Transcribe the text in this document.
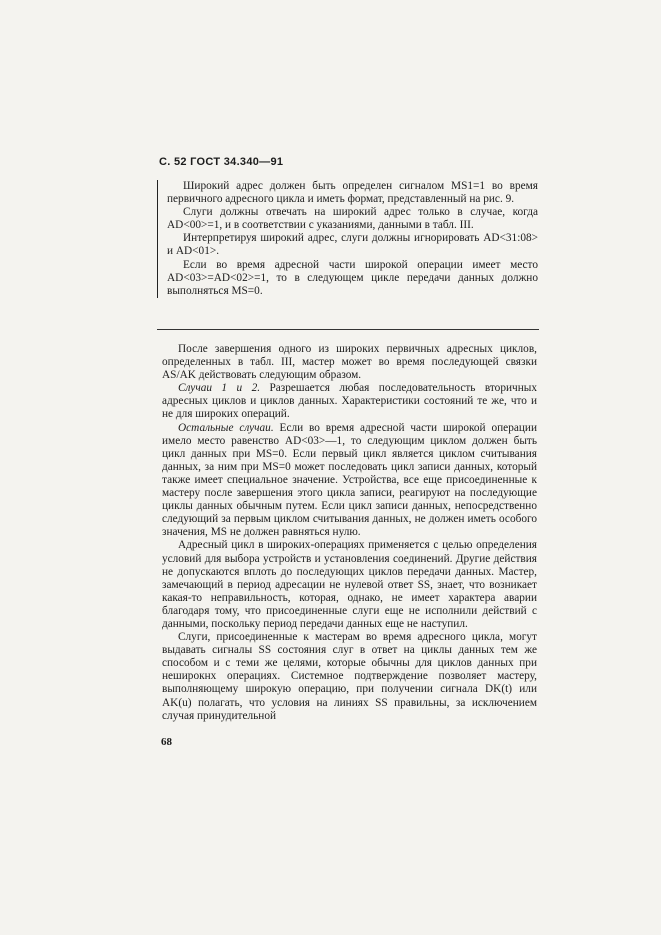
С. 52 ГОСТ 34.340—91

Широкий адрес должен быть определен сигналом MS1=1 во время первичного адресного цикла и иметь формат, представленный на рис. 9.

Слуги должны отвечать на широкий адрес только в случае, когда AD<00>=1, и в соответствии с указаниями, данными в табл. III.

Интерпретируя широкий адрес, слуги должны игнорировать AD<31:08> и AD<01>.

Если во время адресной части широкой операции имеет место AD<03>=AD<02>=1, то в следующем цикле передачи данных должно выполняться MS=0.

После завершения одного из широких первичных адресных циклов, определенных в табл. III, мастер может во время последующей связки AS/AK действовать следующим образом.

Случаи 1 и 2. Разрешается любая последовательность вторичных адресных циклов и циклов данных. Характеристики состояний те же, что и не для широких операций.

Остальные случаи. Если во время адресной части широкой операции имело место равенство AD<03>—1, то следующим циклом должен быть цикл данных при MS=0. Если первый цикл является циклом считывания данных, за ним при MS=0 может последовать цикл записи данных, который также имеет специальное значение. Устройства, все еще присоединенные к мастеру после завершения этого цикла записи, реагируют на последующие циклы данных обычным путем. Если цикл записи данных, непосредственно следующий за первым циклом считывания данных, не должен иметь особого значения, MS не должен равняться нулю.

Адресный цикл в широких-операциях применяется с целью определения условий для выбора устройств и установления соединений. Другие действия не допускаются вплоть до последующих циклов передачи данных. Мастер, замечающий в период адресации не нулевой ответ SS, знает, что возникает какая-то неправильность, которая, однако, не имеет характера аварии благодаря тому, что присоединенные слуги еще не исполнили действий с данными, поскольку период передачи данных еще не наступил.

Слуги, присоединенные к мастерам во время адресного цикла, могут выдавать сигналы SS состояния слуг в ответ на циклы данных тем же способом и с теми же целями, которые обычны для циклов данных при неширокнх операциях. Системное подтверждение позволяет мастеру, выполняющему широкую операцию, при получении сигнала DK(t) или AK(u) полагать, что условия на линиях SS правильны, за исключением случая принудительной

68
